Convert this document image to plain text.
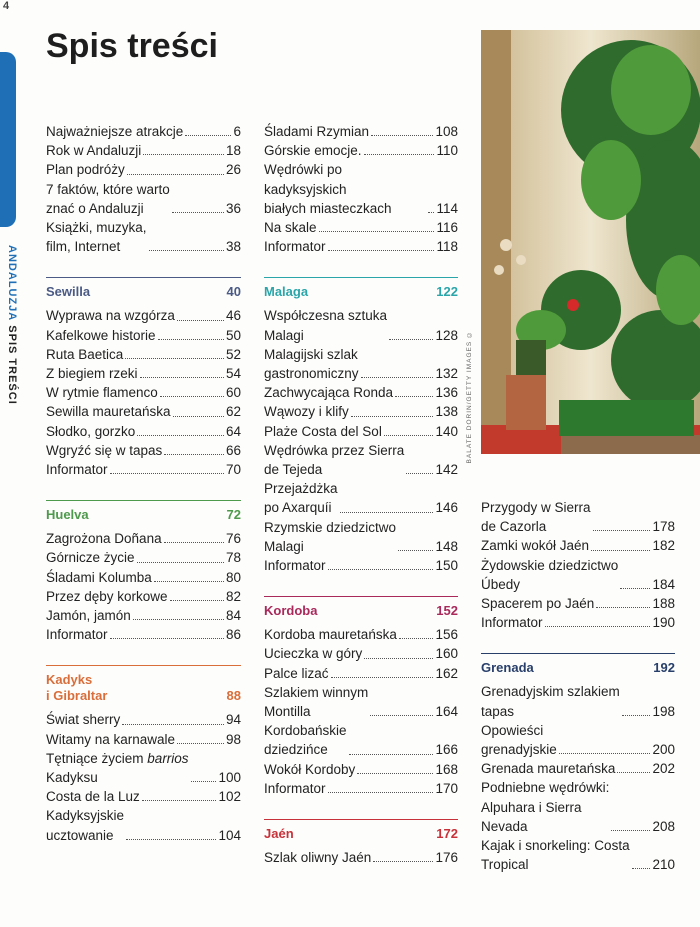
4
ANDALUZJA SPIS TREŚCI
Spis treści
Najważniejsze atrakcje	6
Rok w Andaluzji	18
Plan podróży	26
7 faktów, które warto
znać o Andaluzji	36
Książki, muzyka,
film, Internet	38
Sewilla	40
Wyprawa na wzgórza	46
Kafelkowe historie	50
Ruta Baetica	52
Z biegiem rzeki	54
W rytmie flamenco	60
Sewilla mauretańska	62
Słodko, gorzko	64
Wgryźć się w tapas	66
Informator	70
Huelva	72
Zagrożona Doñana	76
Górnicze życie	78
Śladami Kolumba	80
Przez dęby korkowe	82
Jamón, jamón	84
Informator	86
Kadyks
i Gibraltar	88
Świat sherry	94
Witamy na karnawale	98
Tętniące życiem barrios
Kadyksu	100
Costa de la Luz	102
Kadyksyjskie
ucztowanie	104
Śladami Rzymian	108
Górskie emocje.	110
Wędrówki po kadyksyjskich
białych miasteczkach	114
Na skale	116
Informator	118
Malaga	122
Współczesna sztuka
Malagi	128
Malagijski szlak
gastronomiczny	132
Zachwycająca Ronda	136
Wąwozy i klify	138
Plaże Costa del Sol	140
Wędrówka przez Sierra
de Tejeda	142
Przejażdżka
po Axarquíi	146
Rzymskie dziedzictwo
Malagi	148
Informator	150
Kordoba	152
Kordoba mauretańska	156
Ucieczka w góry	160
Palce lizać	162
Szlakiem winnym
Montilla	164
Kordobańskie
dziedzińce	166
Wokół Kordoby	168
Informator	170
Jaén	172
Szlak oliwny Jaén	176
Przygody w Sierra
de Cazorla	178
Zamki wokół Jaén	182
Żydowskie dziedzictwo
Úbedy	184
Spacerem po Jaén	188
Informator	190
Grenada	192
Grenadyjskim szlakiem
tapas	198
Opowieści
grenadyjskie	200
Grenada mauretańska	202
Podniebne wędrówki:
Alpuhara i Sierra
Nevada	208
Kajak i snorkeling: Costa
Tropical	210
BALATE DORIN/GETTY IMAGES ©
